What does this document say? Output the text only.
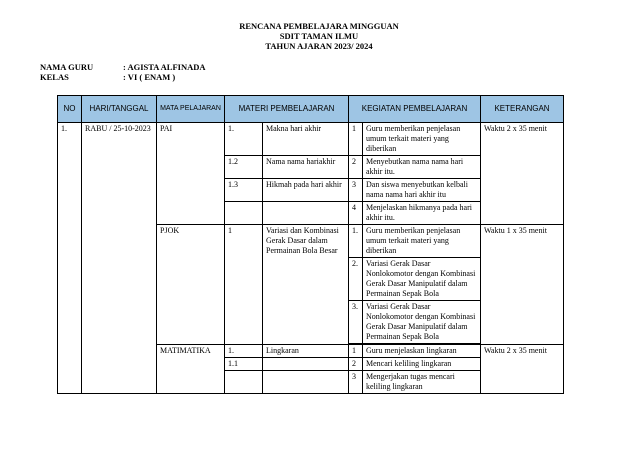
RENCANA PEMBELAJARA MINGGUAN
SDIT TAMAN ILMU
TAHUN AJARAN 2023/ 2024
NAMA GURU	: AGISTA ALFINADA
KELAS	: VI ( ENAM )
NO	HARI/TANGGAL	MATA PELAJARAN	MATERI PEMBELAJARAN		KEGIATAN PEMBELAJARAN		KETERANGAN
1.	RABU / 25-10-2023	PAI	1.	Makna hari akhir	1	Guru memberikan penjelasan umum terkait materi yang diberikan	Waktu 2 x 35 menit
			1.2	Nama nama hariakhir	2	Menyebutkan nama nama hari akhir itu.	
			1.3	Hikmah pada hari akhir	3	Dan siswa menyebutkan kelbali nama nama hari akhir itu	
					4	Menjelaskan hikmanya pada hari akhir itu.	
		PJOK	1	Variasi dan Kombinasi Gerak Dasar dalam Permainan Bola Besar	1.	Guru memberikan penjelasan umum terkait materi yang diberikan	Waktu 1 x 35 menit
					2.	Variasi Gerak Dasar Nonlokomotor dengan Kombinasi Gerak Dasar Manipulatif dalam Permainan Sepak Bola	
					3.	Variasi Gerak Dasar Nonlokomotor dengan Kombinasi Gerak Dasar Manipulatif dalam Permainan Sepak Bola	

		MATIMATIKA	1.	Lingkaran	1	Guru menjelaskan lingkaran	Waktu 2 x 35 menit
			1.1		2	Mencari keliling lingkaran	
					3	Mengerjakan tugas mencari keliling lingkaran	
